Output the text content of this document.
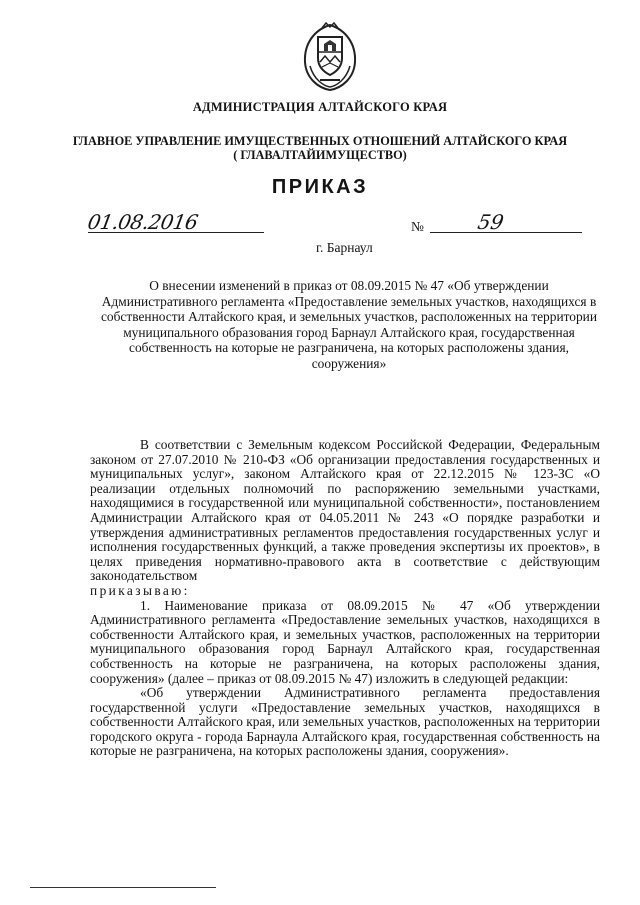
АДМИНИСТРАЦИЯ АЛТАЙСКОГО КРАЯ
ГЛАВНОЕ УПРАВЛЕНИЕ ИМУЩЕСТВЕННЫХ ОТНОШЕНИЙ АЛТАЙСКОГО КРАЯ
( ГЛАВАЛТАЙИМУЩЕСТВО)
ПРИКАЗ
01.08.2016	№	59
г. Барнаул

О внесении изменений в приказ от 08.09.2015 № 47 «Об утверждении Административного регламента «Предоставление земельных участков, находящихся в собственности Алтайского края, и земельных участков, расположенных на территории муниципального образования город Барнаул Алтайского края, государственная собственность на которые не разграничена, на которых расположены здания, сооружения»

В соответствии с Земельным кодексом Российской Федерации, Федеральным законом от 27.07.2010 № 210-ФЗ «Об организации предоставления государственных и муниципальных услуг», законом Алтайского края от 22.12.2015 № 123-ЗС «О реализации отдельных полномочий по распоряжению земельными участками, находящимися в государственной или муниципальной собственности», постановлением Администрации Алтайского края от 04.05.2011 № 243 «О порядке разработки и утверждения административных регламентов предоставления государственных услуг и исполнения государственных функций, а также проведения экспертизы их проектов», в целях приведения нормативно-правового акта в соответствие с действующим законодательством

приказываю:

1. Наименование приказа от 08.09.2015 № 47 «Об утверждении Административного регламента «Предоставление земельных участков, находящихся в собственности Алтайского края, и земельных участков, расположенных на территории муниципального образования город Барнаул Алтайского края, государственная собственность на которые не разграничена, на которых расположены здания, сооружения» (далее – приказ от 08.09.2015 № 47) изложить в следующей редакции:

«Об утверждении Административного регламента предоставления государственной услуги «Предоставление земельных участков, находящихся в собственности Алтайского края, или земельных участков, расположенных на территории городского округа - города Барнаула Алтайского края, государственная собственность на которые не разграничена, на которых расположены здания, сооружения».
